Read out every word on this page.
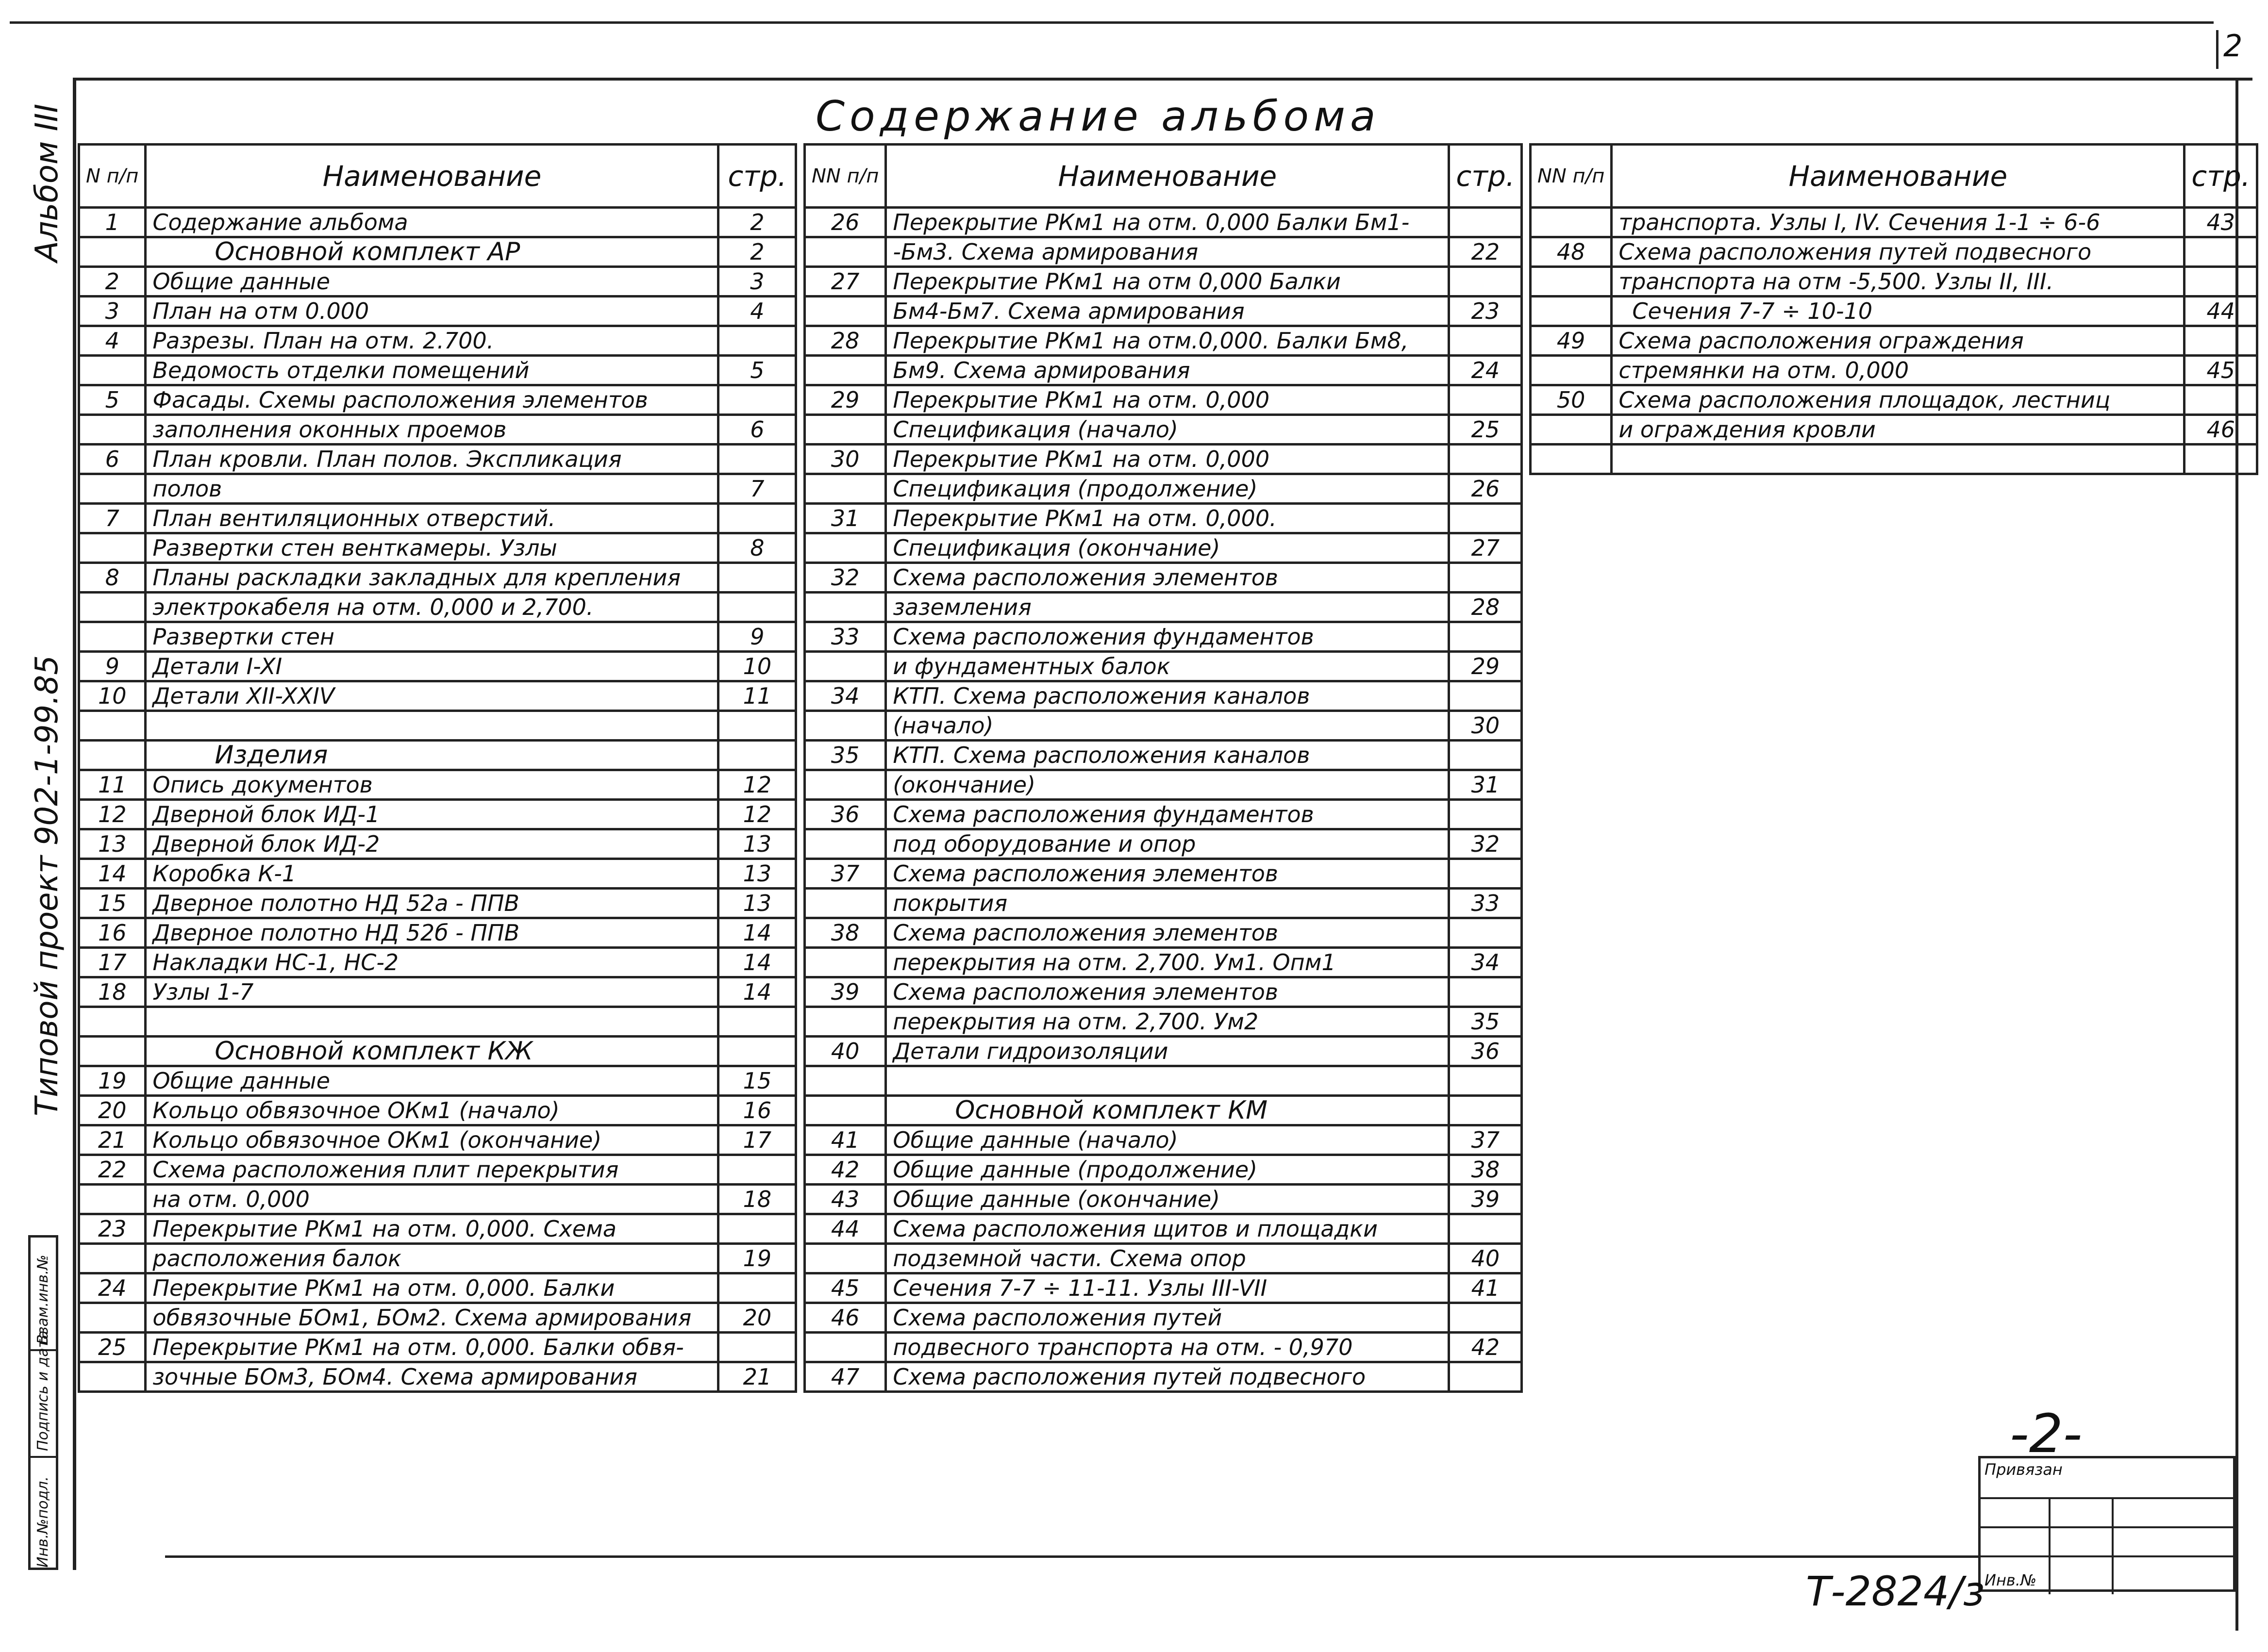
2
Содержание альбома
Альбом III
Типовой проект 902-1-99.85
Инв.№подл.
Подпись и дата
Взам.инв.№
N п/п	Наименование	стр.
1	Содержание альбома	2
	Основной комплект АР	2
2	Общие данные	3
3	План на отм 0.000	4
4	Разрезы. План на отм. 2.700.	
	Ведомость отделки помещений	5
5	Фасады. Схемы расположения элементов	
	заполнения оконных проемов	6
6	План кровли. План полов. Экспликация	
	полов	7
7	План вентиляционных отверстий.	
	Развертки стен венткамеры. Узлы	8
8	Планы раскладки закладных для крепления	
	электрокабеля на отм. 0,000 и 2,700.	
	Развертки стен	9
9	Детали I-XI	10
10	Детали XII-XXIV	11

	Изделия	
11	Опись документов	12
12	Дверной блок ИД-1	12
13	Дверной блок ИД-2	13
14	Коробка К-1	13
15	Дверное полотно НД 52а - ППВ	13
16	Дверное полотно НД 52б - ППВ	14
17	Накладки НС-1, НС-2	14
18	Узлы 1-7	14

	Основной комплект КЖ	
19	Общие данные	15
20	Кольцо обвязочное ОКм1 (начало)	16
21	Кольцо обвязочное ОКм1 (окончание)	17
22	Схема расположения плит перекрытия	
	на отм. 0,000	18
23	Перекрытие РКм1 на отм. 0,000. Схема	
	расположения балок	19
24	Перекрытие РКм1 на отм. 0,000. Балки	
	обвязочные БОм1, БОм2. Схема армирования	20
25	Перекрытие РКм1 на отм. 0,000. Балки обвя-	
	зочные БОм3, БОм4. Схема армирования	21
NN п/п	Наименование	стр.
26	Перекрытие РКм1 на отм. 0,000 Балки Бм1-	
	-Бм3. Схема армирования	22
27	Перекрытие РКм1 на отм 0,000 Балки	
	Бм4-Бм7. Схема армирования	23
28	Перекрытие РКм1 на отм.0,000. Балки Бм8,	
	Бм9. Схема армирования	24
29	Перекрытие РКм1 на отм. 0,000	
	Спецификация (начало)	25
30	Перекрытие РКм1 на отм. 0,000	
	Спецификация (продолжение)	26
31	Перекрытие РКм1 на отм. 0,000.	
	Спецификация (окончание)	27
32	Схема расположения элементов	
	заземления	28
33	Схема расположения фундаментов	
	и фундаментных балок	29
34	КТП. Схема расположения каналов	
	(начало)	30
35	КТП. Схема расположения каналов	
	(окончание)	31
36	Схема расположения фундаментов	
	под оборудование и опор	32
37	Схема расположения элементов	
	покрытия	33
38	Схема расположения элементов	
	перекрытия на отм. 2,700. Ум1. Опм1	34
39	Схема расположения элементов	
	перекрытия на отм. 2,700. Ум2	35
40	Детали гидроизоляции	36

	Основной комплект КМ	
41	Общие данные (начало)	37
42	Общие данные (продолжение)	38
43	Общие данные (окончание)	39
44	Схема расположения щитов и площадки	
	подземной части. Схема опор	40
45	Сечения 7-7 ÷ 11-11. Узлы III-VII	41
46	Схема расположения путей	
	подвесного транспорта на отм. - 0,970	42
47	Схема расположения путей подвесного	
NN п/п	Наименование	стр.
	транспорта. Узлы I, IV. Сечения 1-1 ÷ 6-6	43
48	Схема расположения путей подвесного	
	транспорта на отм -5,500. Узлы II, III.	
	Сечения 7-7 ÷ 10-10	44
49	Схема расположения ограждения	
	стремянки на отм. 0,000	45
50	Схема расположения площадок, лестниц	
	и ограждения кровли	46

-2-
Привязан
Инв.№
Т-2824/з
